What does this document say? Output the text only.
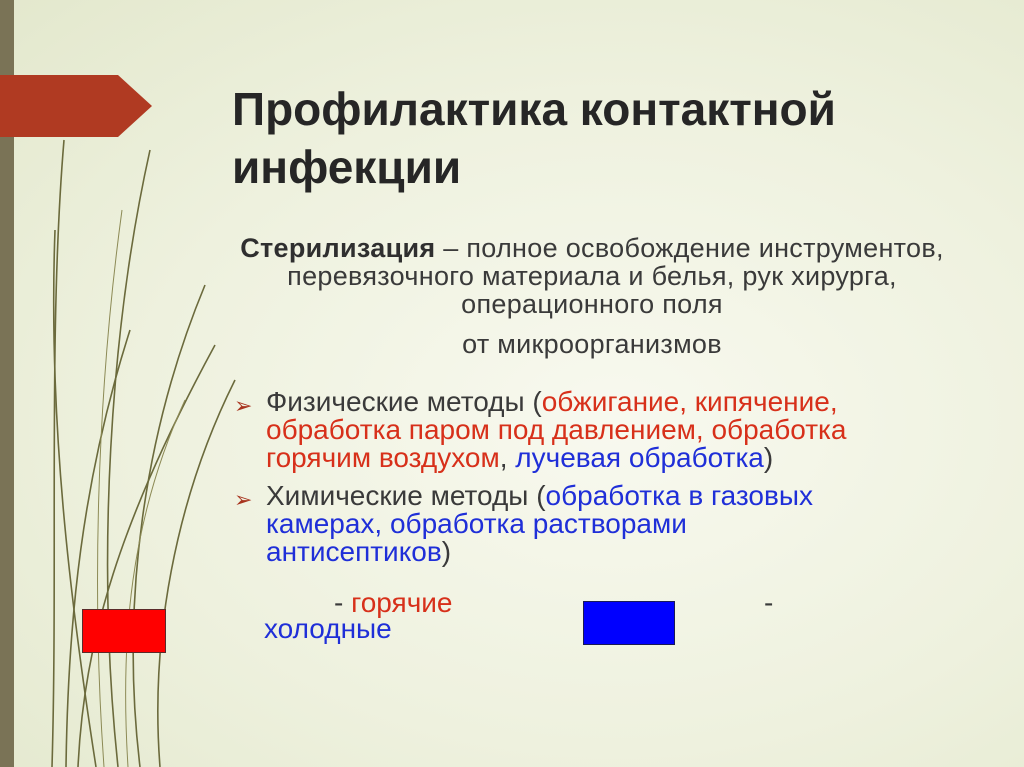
Профилактика контактной инфекции
Стерилизация – полное освобождение инструментов, перевязочного материала и белья, рук хирурга, операционного поля
от микроорганизмов
➢ Физические методы (обжигание, кипячение, обработка паром под давлением, обработка горячим воздухом, лучевая обработка)
➢ Химические методы (обработка в газовых камерах, обработка растворами антисептиков)
- горячие	-
холодные
